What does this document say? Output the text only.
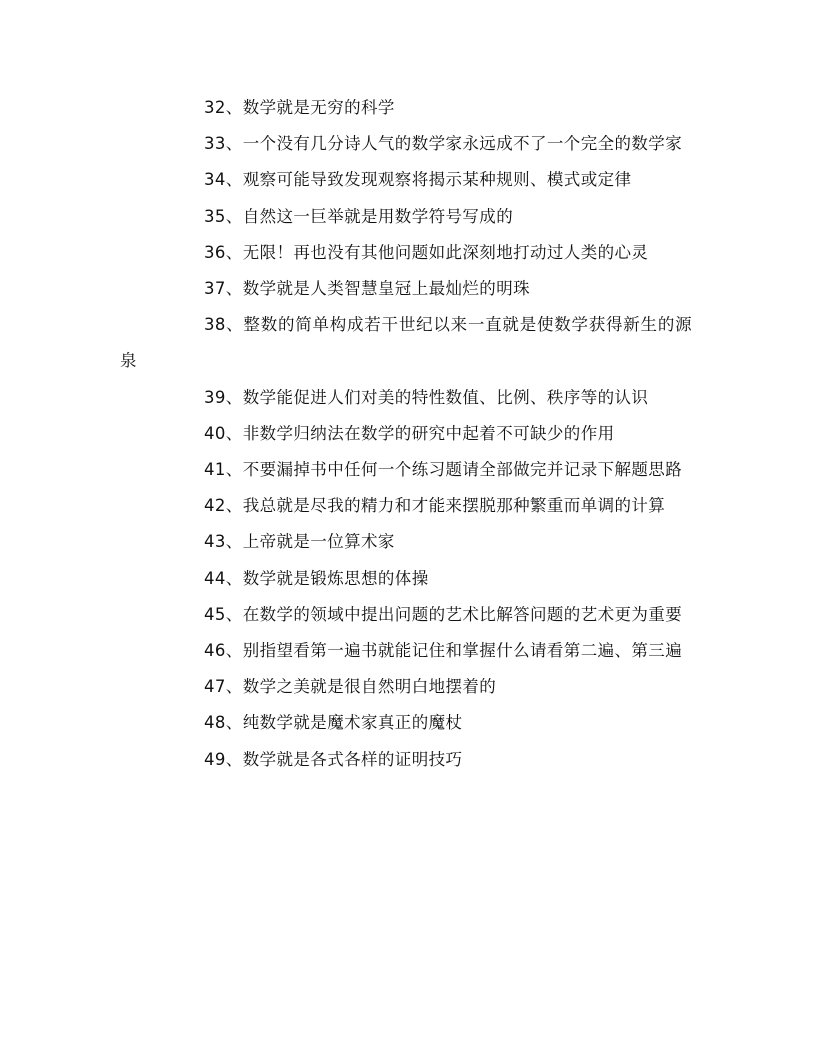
32、数学就是无穷的科学

33、一个没有几分诗人气的数学家永远成不了一个完全的数学家

34、观察可能导致发现观察将揭示某种规则、模式或定律

35、自然这一巨举就是用数学符号写成的

36、无限！再也没有其他问题如此深刻地打动过人类的心灵

37、数学就是人类智慧皇冠上最灿烂的明珠

38、整数的简单构成若干世纪以来一直就是使数学获得新生的源泉

39、数学能促进人们对美的特性数值、比例、秩序等的认识

40、非数学归纳法在数学的研究中起着不可缺少的作用

41、不要漏掉书中任何一个练习题请全部做完并记录下解题思路

42、我总就是尽我的精力和才能来摆脱那种繁重而单调的计算

43、上帝就是一位算术家

44、数学就是锻炼思想的体操

45、在数学的领域中提出问题的艺术比解答问题的艺术更为重要

46、别指望看第一遍书就能记住和掌握什么请看第二遍、第三遍

47、数学之美就是很自然明白地摆着的

48、纯数学就是魔术家真正的魔杖

49、数学就是各式各样的证明技巧
